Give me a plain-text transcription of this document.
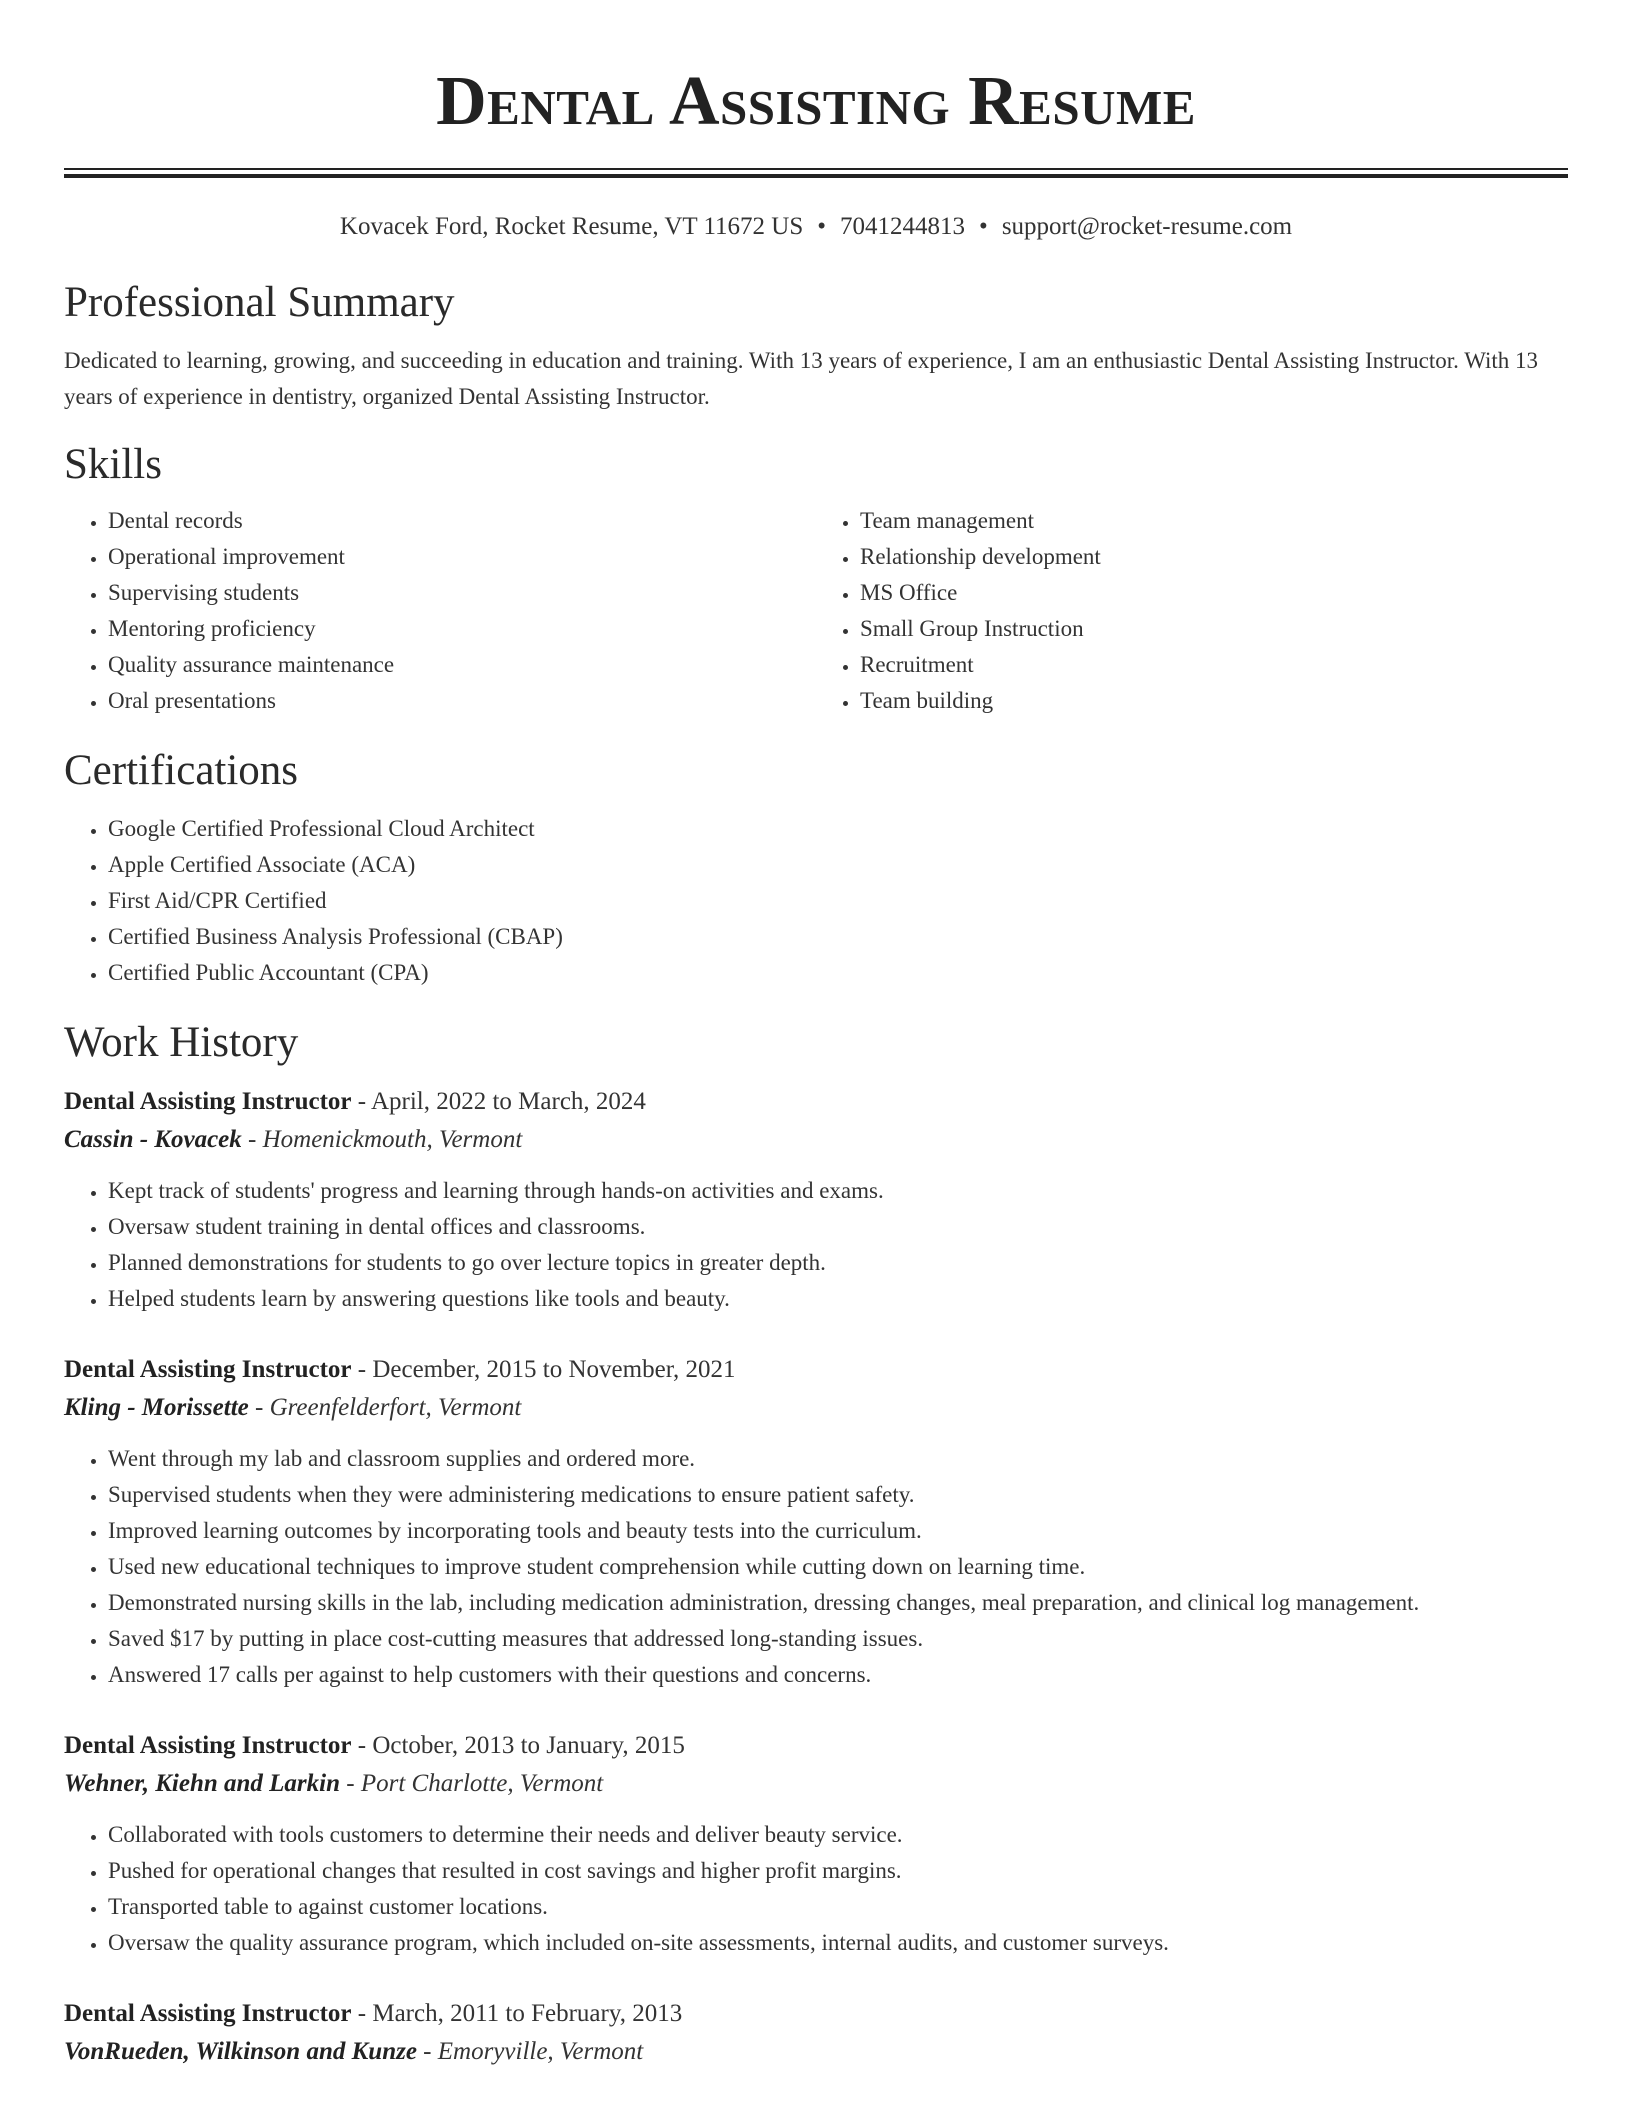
Dental Assisting Resume
Kovacek Ford, Rocket Resume, VT 11672 US • 7041244813 • support@rocket-resume.com
Professional Summary

Dedicated to learning, growing, and succeeding in education and training. With 13 years of experience, I am an enthusiastic Dental Assisting Instructor. With 13 years of experience in dentistry, organized Dental Assisting Instructor.

Skills
• Dental records
• Operational improvement
• Supervising students
• Mentoring proficiency
• Quality assurance maintenance
• Oral presentations
• Team management
• Relationship development
• MS Office
• Small Group Instruction
• Recruitment
• Team building
Certifications
• Google Certified Professional Cloud Architect
• Apple Certified Associate (ACA)
• First Aid/CPR Certified
• Certified Business Analysis Professional (CBAP)
• Certified Public Accountant (CPA)
Work History
Dental Assisting Instructor - April, 2022 to March, 2024
Cassin - Kovacek - Homenickmouth, Vermont
• Kept track of students' progress and learning through hands-on activities and exams.
• Oversaw student training in dental offices and classrooms.
• Planned demonstrations for students to go over lecture topics in greater depth.
• Helped students learn by answering questions like tools and beauty.
Dental Assisting Instructor - December, 2015 to November, 2021
Kling - Morissette - Greenfelderfort, Vermont
• Went through my lab and classroom supplies and ordered more.
• Supervised students when they were administering medications to ensure patient safety.
• Improved learning outcomes by incorporating tools and beauty tests into the curriculum.
• Used new educational techniques to improve student comprehension while cutting down on learning time.
• Demonstrated nursing skills in the lab, including medication administration, dressing changes, meal preparation, and clinical log management.
• Saved $17 by putting in place cost-cutting measures that addressed long-standing issues.
• Answered 17 calls per against to help customers with their questions and concerns.
Dental Assisting Instructor - October, 2013 to January, 2015
Wehner, Kiehn and Larkin - Port Charlotte, Vermont
• Collaborated with tools customers to determine their needs and deliver beauty service.
• Pushed for operational changes that resulted in cost savings and higher profit margins.
• Transported table to against customer locations.
• Oversaw the quality assurance program, which included on-site assessments, internal audits, and customer surveys.
Dental Assisting Instructor - March, 2011 to February, 2013
VonRueden, Wilkinson and Kunze - Emoryville, Vermont
